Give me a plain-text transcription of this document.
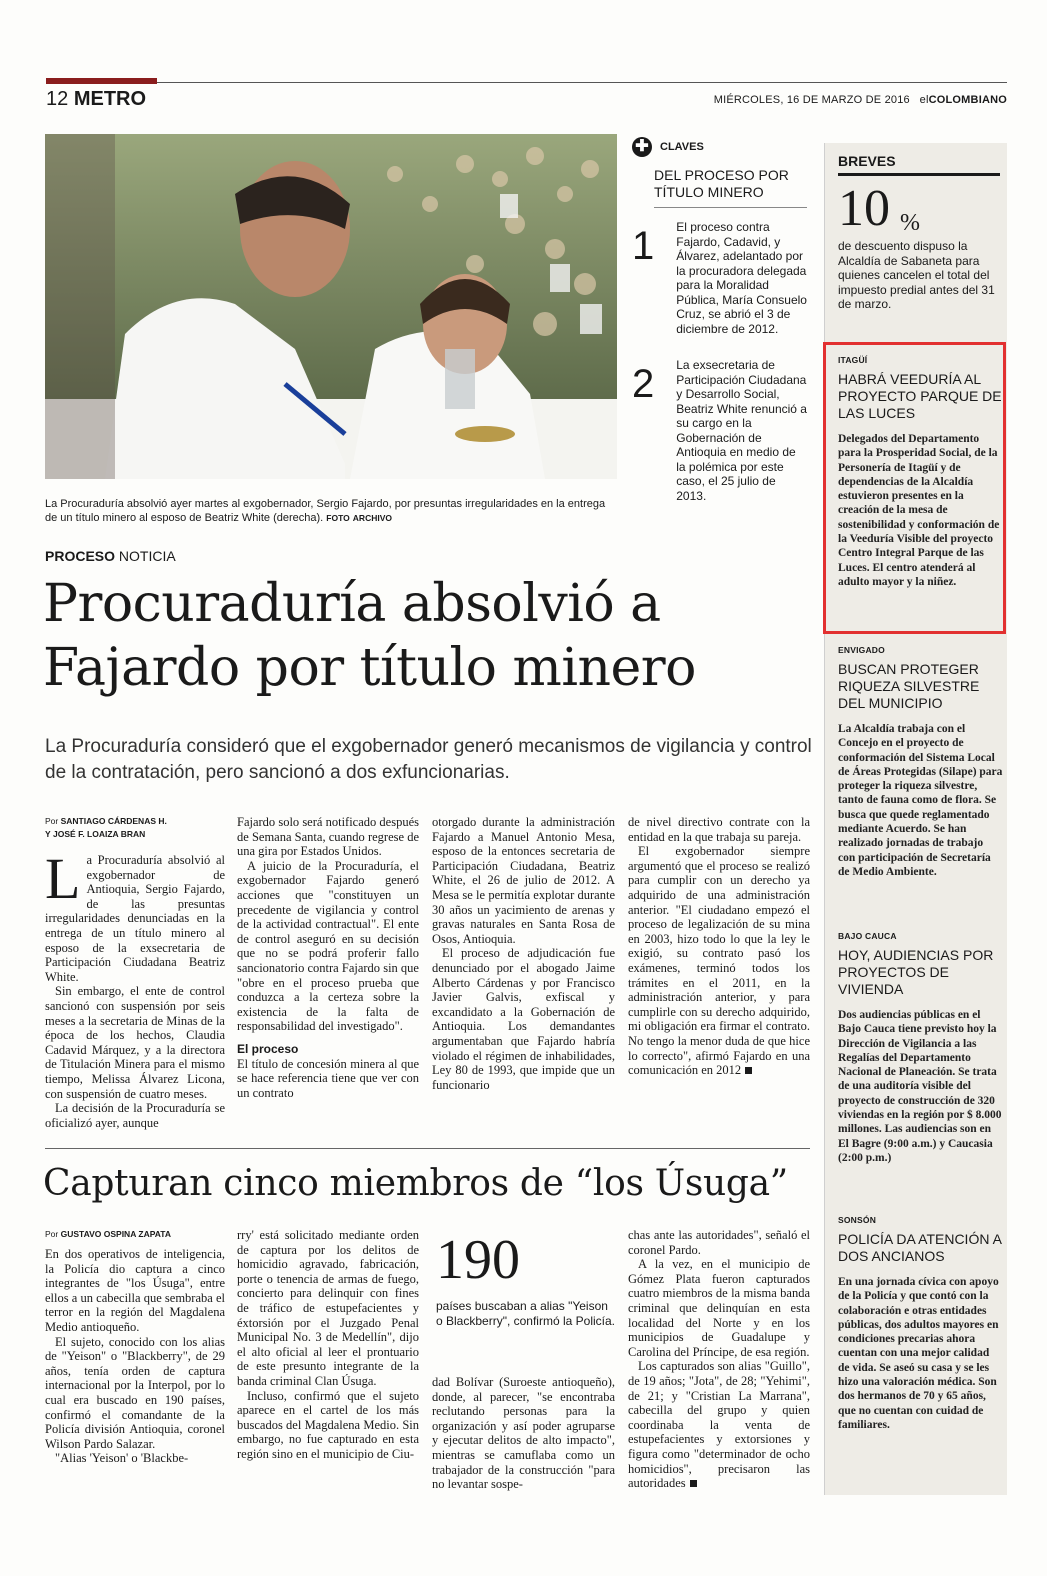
12 METRO	MIÉRCOLES, 16 DE MARZO DE 2016 elCOLOMBIANO
La Procuraduría absolvió ayer martes al exgobernador, Sergio Fajardo, por presuntas irregularidades en la entrega de un título minero al esposo de Beatriz White (derecha). FOTO ARCHIVO
✚ CLAVES
DEL PROCESO POR TÍTULO MINERO
1	El proceso contra Fajardo, Cadavid, y Álvarez, adelantado por la procuradora delegada para la Moralidad Pública, María Consuelo Cruz, se abrió el 3 de diciembre de 2012.
2	La exsecretaria de Participación Ciudadana y Desarrollo Social, Beatriz White renunció a su cargo en la Gobernación de Antioquia en medio de la polémica por este caso, el 25 julio de 2013.
BREVES
10 %
de descuento dispuso la Alcaldía de Sabaneta para quienes cancelen el total del impuesto predial antes del 31 de marzo.
ITAGÜÍ
HABRÁ VEEDURÍA AL PROYECTO PARQUE DE LAS LUCES
Delegados del Departamento para la Prosperidad Social, de la Personería de Itagüí y de dependencias de la Alcaldía estuvieron presentes en la creación de la mesa de sostenibilidad y conformación de la Veeduría Visible del proyecto Centro Integral Parque de las Luces. El centro atenderá al adulto mayor y la niñez.
ENVIGADO
BUSCAN PROTEGER RIQUEZA SILVESTRE DEL MUNICIPIO
La Alcaldía trabaja con el Concejo en el proyecto de conformación del Sistema Local de Áreas Protegidas (Silape) para proteger la riqueza silvestre, tanto de fauna como de flora. Se busca que quede reglamentado mediante Acuerdo. Se han realizado jornadas de trabajo con participación de Secretaría de Medio Ambiente.
BAJO CAUCA
HOY, AUDIENCIAS POR PROYECTOS DE VIVIENDA
Dos audiencias públicas en el Bajo Cauca tiene previsto hoy la Dirección de Vigilancia a las Regalías del Departamento Nacional de Planeación. Se trata de una auditoría visible del proyecto de construcción de 320 viviendas en la región por $ 8.000 millones. Las audiencias son en El Bagre (9:00 a.m.) y Caucasia (2:00 p.m.)
SONSÓN
POLICÍA DA ATENCIÓN A DOS ANCIANOS
En una jornada cívica con apoyo de la Policía y que contó con la colaboración e otras entidades públicas, dos adultos mayores en condiciones precarias ahora cuentan con una mejor calidad de vida. Se aseó su casa y se les hizo una valoración médica. Son dos hermanos de 70 y 65 años, que no cuentan con cuidad de familiares.
PROCESO NOTICIA
Procuraduría absolvió a Fajardo por título minero
La Procuraduría consideró que el exgobernador generó mecanismos de vigilancia y control de la contratación, pero sancionó a dos exfuncionarias.
Por SANTIAGO CÁRDENAS H.
Y JOSÉ F. LOAIZA BRAN

La Procuraduría absolvió al exgobernador de Antioquia, Sergio Fajardo, de las presuntas irregularidades denunciadas en la entrega de un título minero al esposo de la exsecretaria de Participación Ciudadana Beatriz White.

Sin embargo, el ente de control sancionó con suspensión por seis meses a la secretaria de Minas de la época de los hechos, Claudia Cadavid Márquez, y a la directora de Titulación Minera para el mismo tiempo, Melissa Álvarez Licona, con suspensión de cuatro meses.

La decisión de la Procuraduría se oficializó ayer, aunque

Fajardo solo será notificado después de Semana Santa, cuando regrese de una gira por Estados Unidos.

A juicio de la Procuraduría, el exgobernador Fajardo generó acciones que "constituyen un precedente de vigilancia y control de la actividad contractual". El ente de control aseguró en su decisión que no se podrá proferir fallo sancionatorio contra Fajardo sin que "obre en el proceso prueba que conduzca a la certeza sobre la existencia de la falta de responsabilidad del investigado".

El proceso

El título de concesión minera al que se hace referencia tiene que ver con un contrato

otorgado durante la administración Fajardo a Manuel Antonio Mesa, esposo de la entonces secretaria de Participación Ciudadana, Beatriz White, el 26 de julio de 2012. A Mesa se le permitía explotar durante 30 años un yacimiento de arenas y gravas naturales en Santa Rosa de Osos, Antioquia.

El proceso de adjudicación fue denunciado por el abogado Jaime Alberto Cárdenas y por Francisco Javier Galvis, exfiscal y excandidato a la Gobernación de Antioquia. Los demandantes argumentaban que Fajardo habría violado el régimen de inhabilidades, Ley 80 de 1993, que impide que un funcionario

de nivel directivo contrate con la entidad en la que trabaja su pareja.

El exgobernador siempre argumentó que el proceso se realizó para cumplir con un derecho ya adquirido de una administración anterior. "El ciudadano empezó el proceso de legalización de su mina en 2003, hizo todo lo que la ley le exigió, su contrato pasó los exámenes, terminó todos los trámites en el 2011, en la administración anterior, y para cumplirle con su derecho adquirido, mi obligación era firmar el contrato. No tengo la menor duda de que hice lo correcto", afirmó Fajardo en una comunicación en 2012

Capturan cinco miembros de “los Úsuga”
Por GUSTAVO OSPINA ZAPATA

En dos operativos de inteligencia, la Policía dio captura a cinco integrantes de "los Úsuga", entre ellos a un cabecilla que sembraba el terror en la región del Magdalena Medio antioqueño.

El sujeto, conocido con los alias de "Yeison" o "Blackberry", de 29 años, tenía orden de captura internacional por la Interpol, por lo cual era buscado en 190 países, confirmó el comandante de la Policía división Antioquia, coronel Wilson Pardo Salazar.

"Alias 'Yeison' o 'Blackbe-

rry' está solicitado mediante orden de captura por los delitos de homicidio agravado, fabricación, porte o tenencia de armas de fuego, concierto para delinquir con fines de tráfico de estupefacientes y éxtorsión por el Juzgado Penal Municipal No. 3 de Medellín", dijo el alto oficial al leer el prontuario de este presunto integrante de la banda criminal Clan Úsuga.

Incluso, confirmó que el sujeto aparece en el cartel de los más buscados del Magdalena Medio. Sin embargo, no fue capturado en esta región sino en el municipio de Ciu-

190
países buscaban a alias "Yeison o Blackberry", confirmó la Policía.

dad Bolívar (Suroeste antioqueño), donde, al parecer, "se encontraba reclutando personas para la organización y así poder agruparse y ejecutar delitos de alto impacto", mientras se camuflaba como un trabajador de la construcción "para no levantar sospe-

chas ante las autoridades", señaló el coronel Pardo.

A la vez, en el municipio de Gómez Plata fueron capturados cuatro miembros de la misma banda criminal que delinquían en esta localidad del Norte y en los municipios de Guadalupe y Carolina del Príncipe, de esa región.

Los capturados son alias "Guillo", de 19 años; "Jota", de 28; "Yehimi", de 21; y "Cristian La Marrana", cabecilla del grupo y quien coordinaba la venta de estupefacientes y extorsiones y figura como "determinador de ocho homicidios", precisaron las autoridades
